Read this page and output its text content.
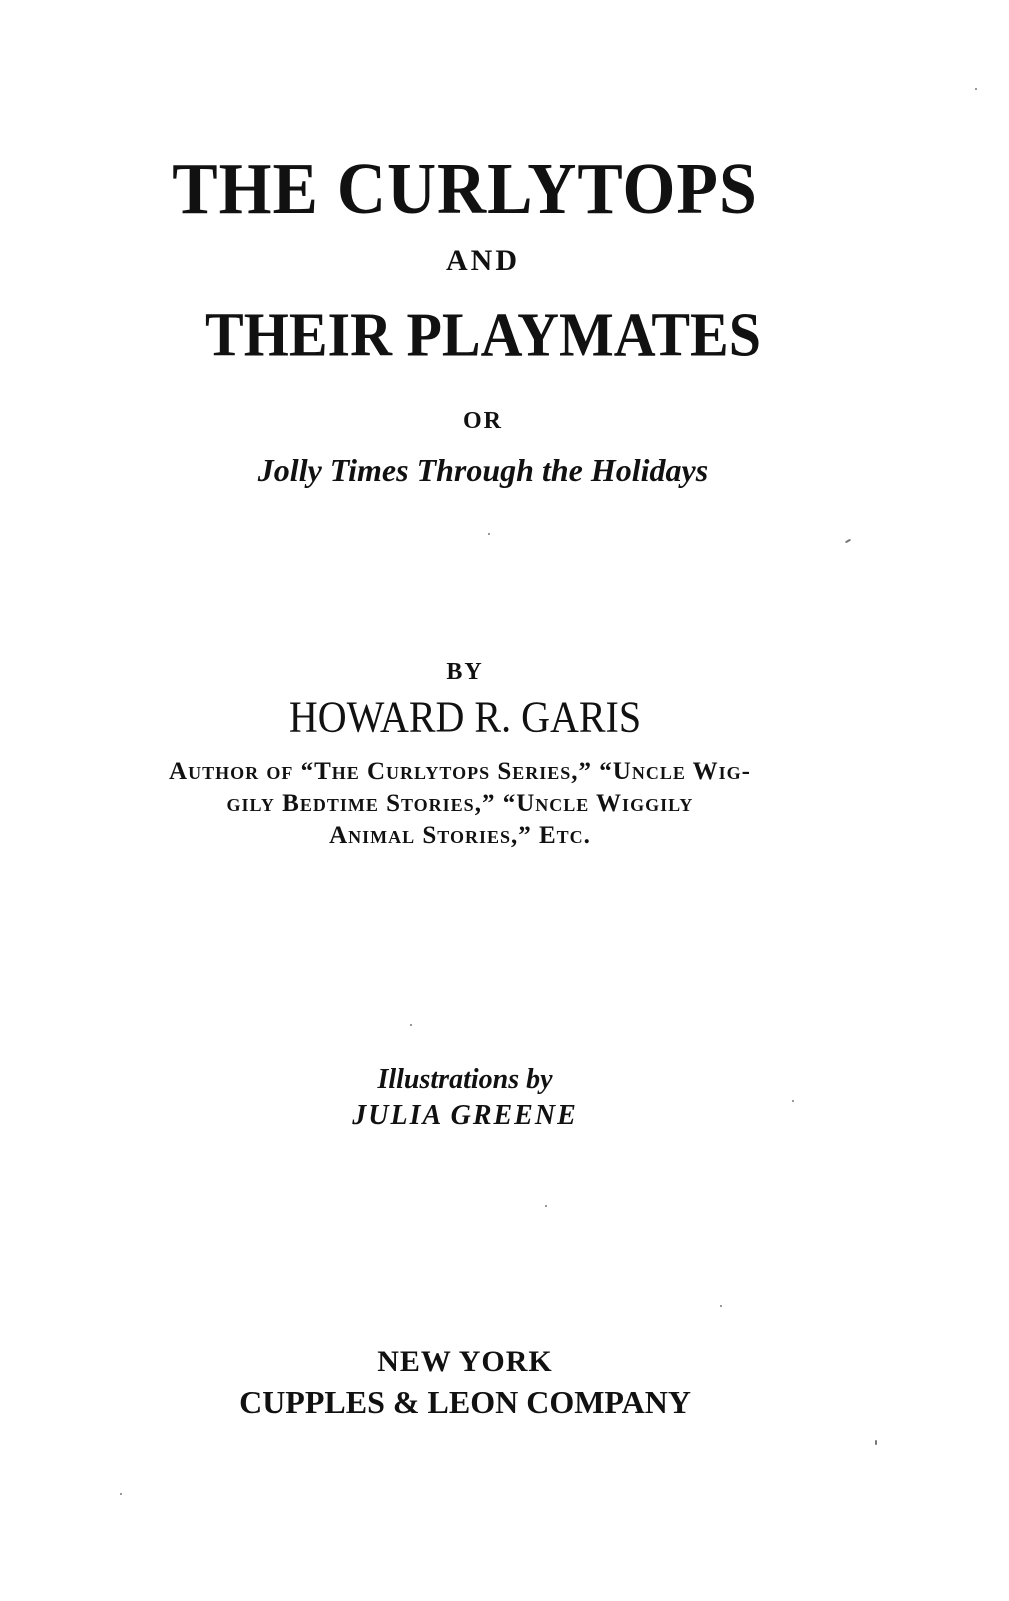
THE CURLYTOPS
AND
THEIR PLAYMATES
OR
Jolly Times Through the Holidays
BY
HOWARD R. GARIS
Author of “The Curlytops Series,” “Uncle Wig-
gily Bedtime Stories,” “Uncle Wiggily
Animal Stories,” Etc.
Illustrations by
JULIA GREENE
NEW YORK
CUPPLES & LEON COMPANY
